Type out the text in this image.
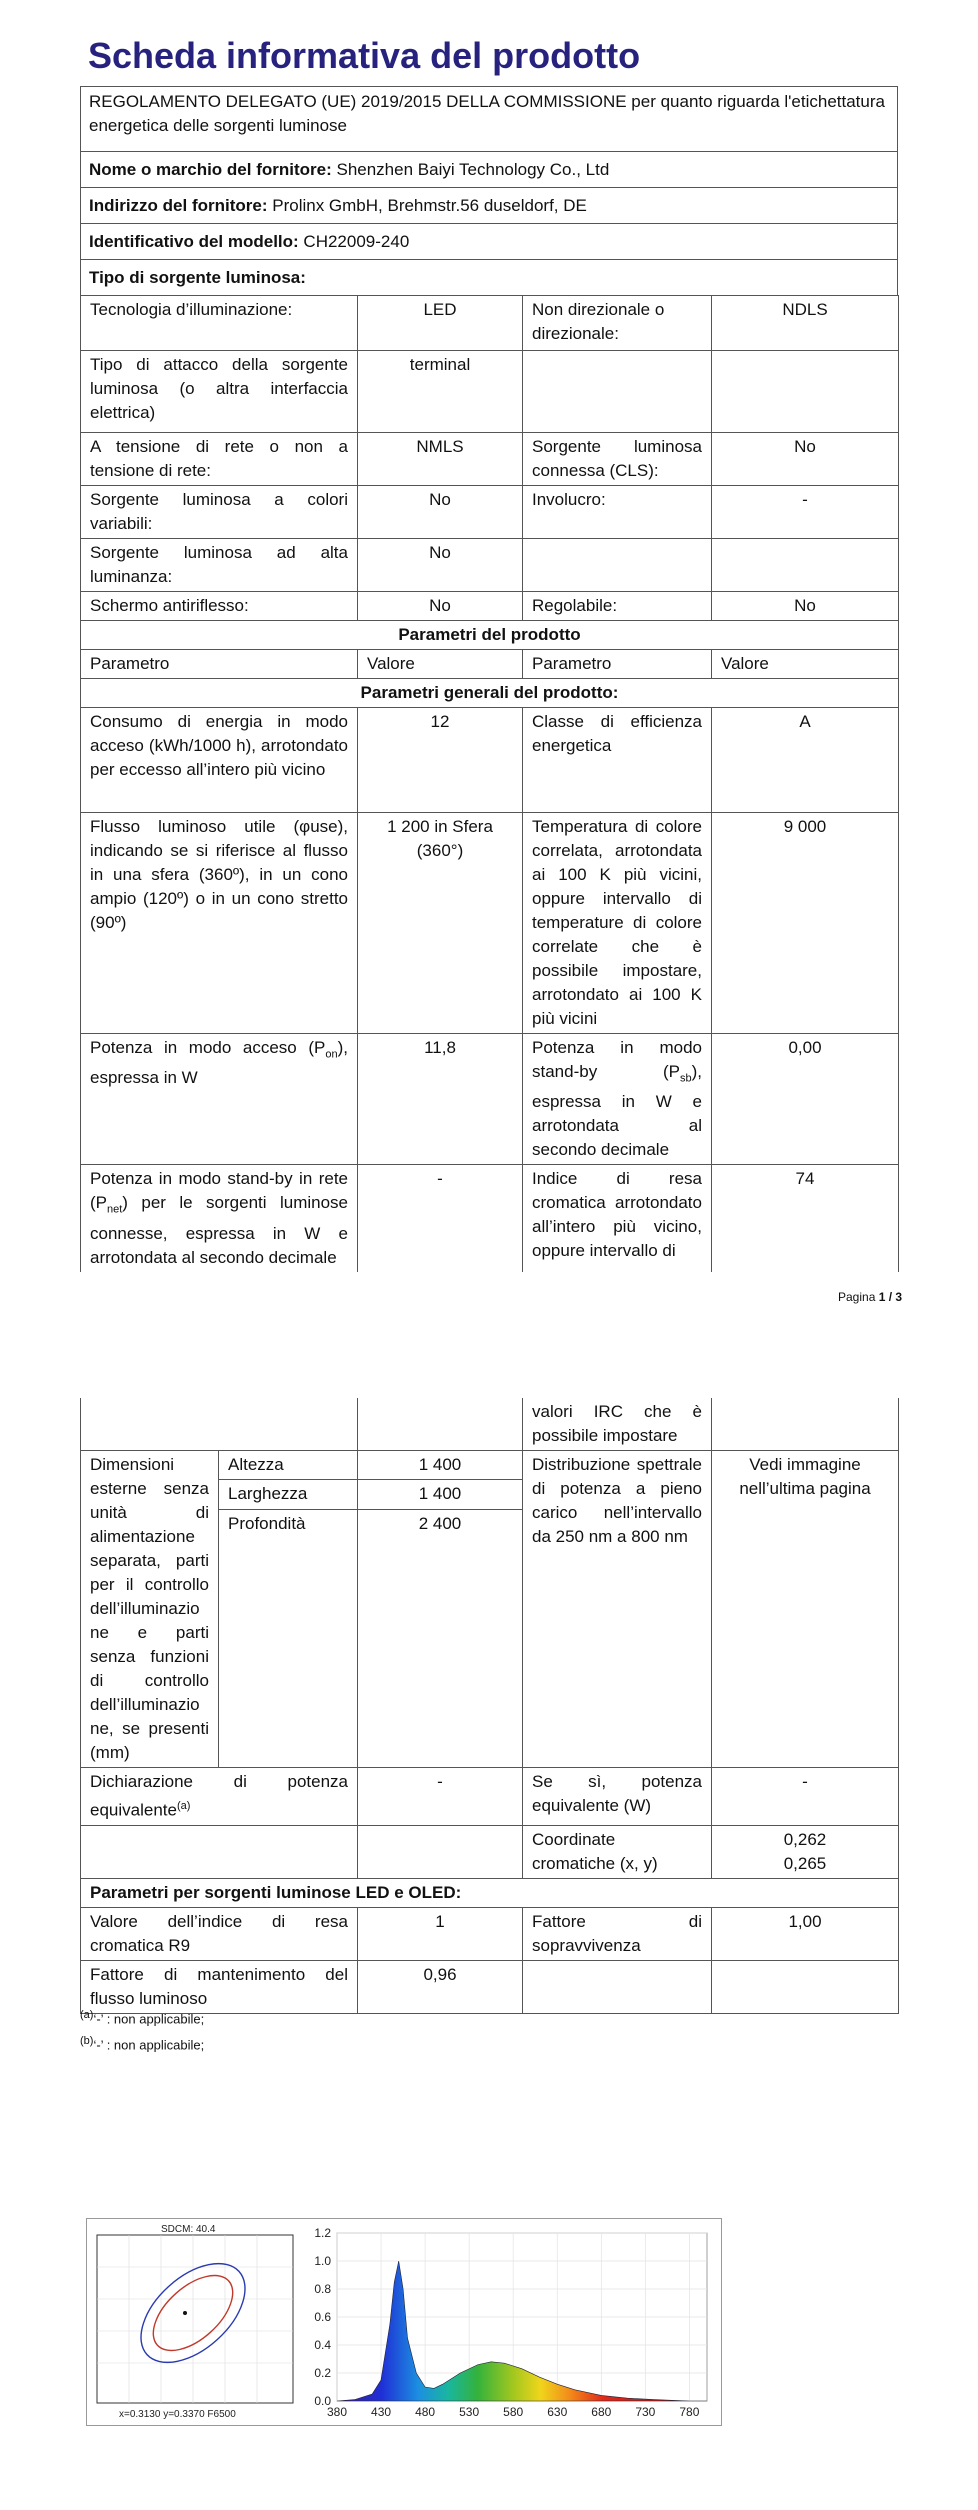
Scheda informativa del prodotto
REGOLAMENTO DELEGATO (UE) 2019/2015 DELLA COMMISSIONE per quanto riguarda l'etichettatura energetica delle sorgenti luminose
Nome o marchio del fornitore: Shenzhen Baiyi Technology Co., Ltd
Indirizzo del fornitore: Prolinx GmbH, Brehmstr.56 duseldorf, DE
Identificativo del modello: CH22009-240
Tipo di sorgente luminosa:
Tecnologia d’illuminazione:	LED	Non direzionale o direzionale:	NDLS
Tipo di attacco della sorgente luminosa (o altra interfaccia elettrica)	terminal		
A tensione di rete o non a tensione di rete:	NMLS	Sorgente luminosa connessa (CLS):	No
Sorgente luminosa a colori variabili:	No	Involucro:	-
Sorgente luminosa ad alta luminanza:	No		
Schermo antiriflesso:	No	Regolabile:	No
Parametri del prodotto			
Parametro	Valore	Parametro	Valore
Parametri generali del prodotto:			
Consumo di energia in modo acceso (kWh/1000 h), arrotondato per eccesso all’intero più vicino	12	Classe di efficienza energetica	A
Flusso luminoso utile (φuse), indicando se si riferisce al flusso in una sfera (360º), in un cono ampio (120º) o in un cono stretto (90º)	1 200 in Sfera (360°)	Temperatura di colore correlata, arrotondata ai 100 K più vicini, oppure intervallo di temperature di colore correlate che è possibile impostare, arrotondato ai 100 K più vicini	9 000
Potenza in modo acceso $(P_{on})$, espressa in W	11,8	Potenza in modo stand-by $(P_{sb})$, espressa in W e arrotondata al secondo decimale	0,00
Potenza in modo stand-by in rete $(P_{net})$ per le sorgenti luminose connesse, espressa in W e arrotondata al secondo decimale	-	Indice di resa cromatica arrotondato all’intero più vicino, oppure intervallo di	74
Pagina 1 / 3
			valori IRC che è possibile impostare	
Dimensioni esterne senza unità di alimentazione separata, parti per il controllo dell’illuminazione e parti senza funzioni di controllo dell’illuminazione, se presenti (mm)	Altezza	1 400	Distribuzione spettrale di potenza a pieno carico nell’intervallo da 250 nm a 800 nm	Vedi immagine nell’ultima pagina
	Larghezza	1 400		
	Profondità	2 400		
Dichiarazione di potenza equivalente$^{(a)}$		-	Se sì, potenza equivalente (W)	-
			Coordinate cromatiche (x, y)	0,262
0,265
Parametri per sorgenti luminose LED e OLED:				
Valore dell’indice di resa cromatica R9		1	Fattore di sopravvivenza	1,00
Fattore di mantenimento del flusso luminoso		0,96		
$^{(a)}$‘-’ : non applicabile;
$^{(b)}$‘-’ : non applicabile;
SDCM: 40.4
x=0.3130 y=0.3370 F6500
0.0
0.2
0.4
0.6
0.8
1.0
1.2
380 430 480 530 580 630 680 730 780
